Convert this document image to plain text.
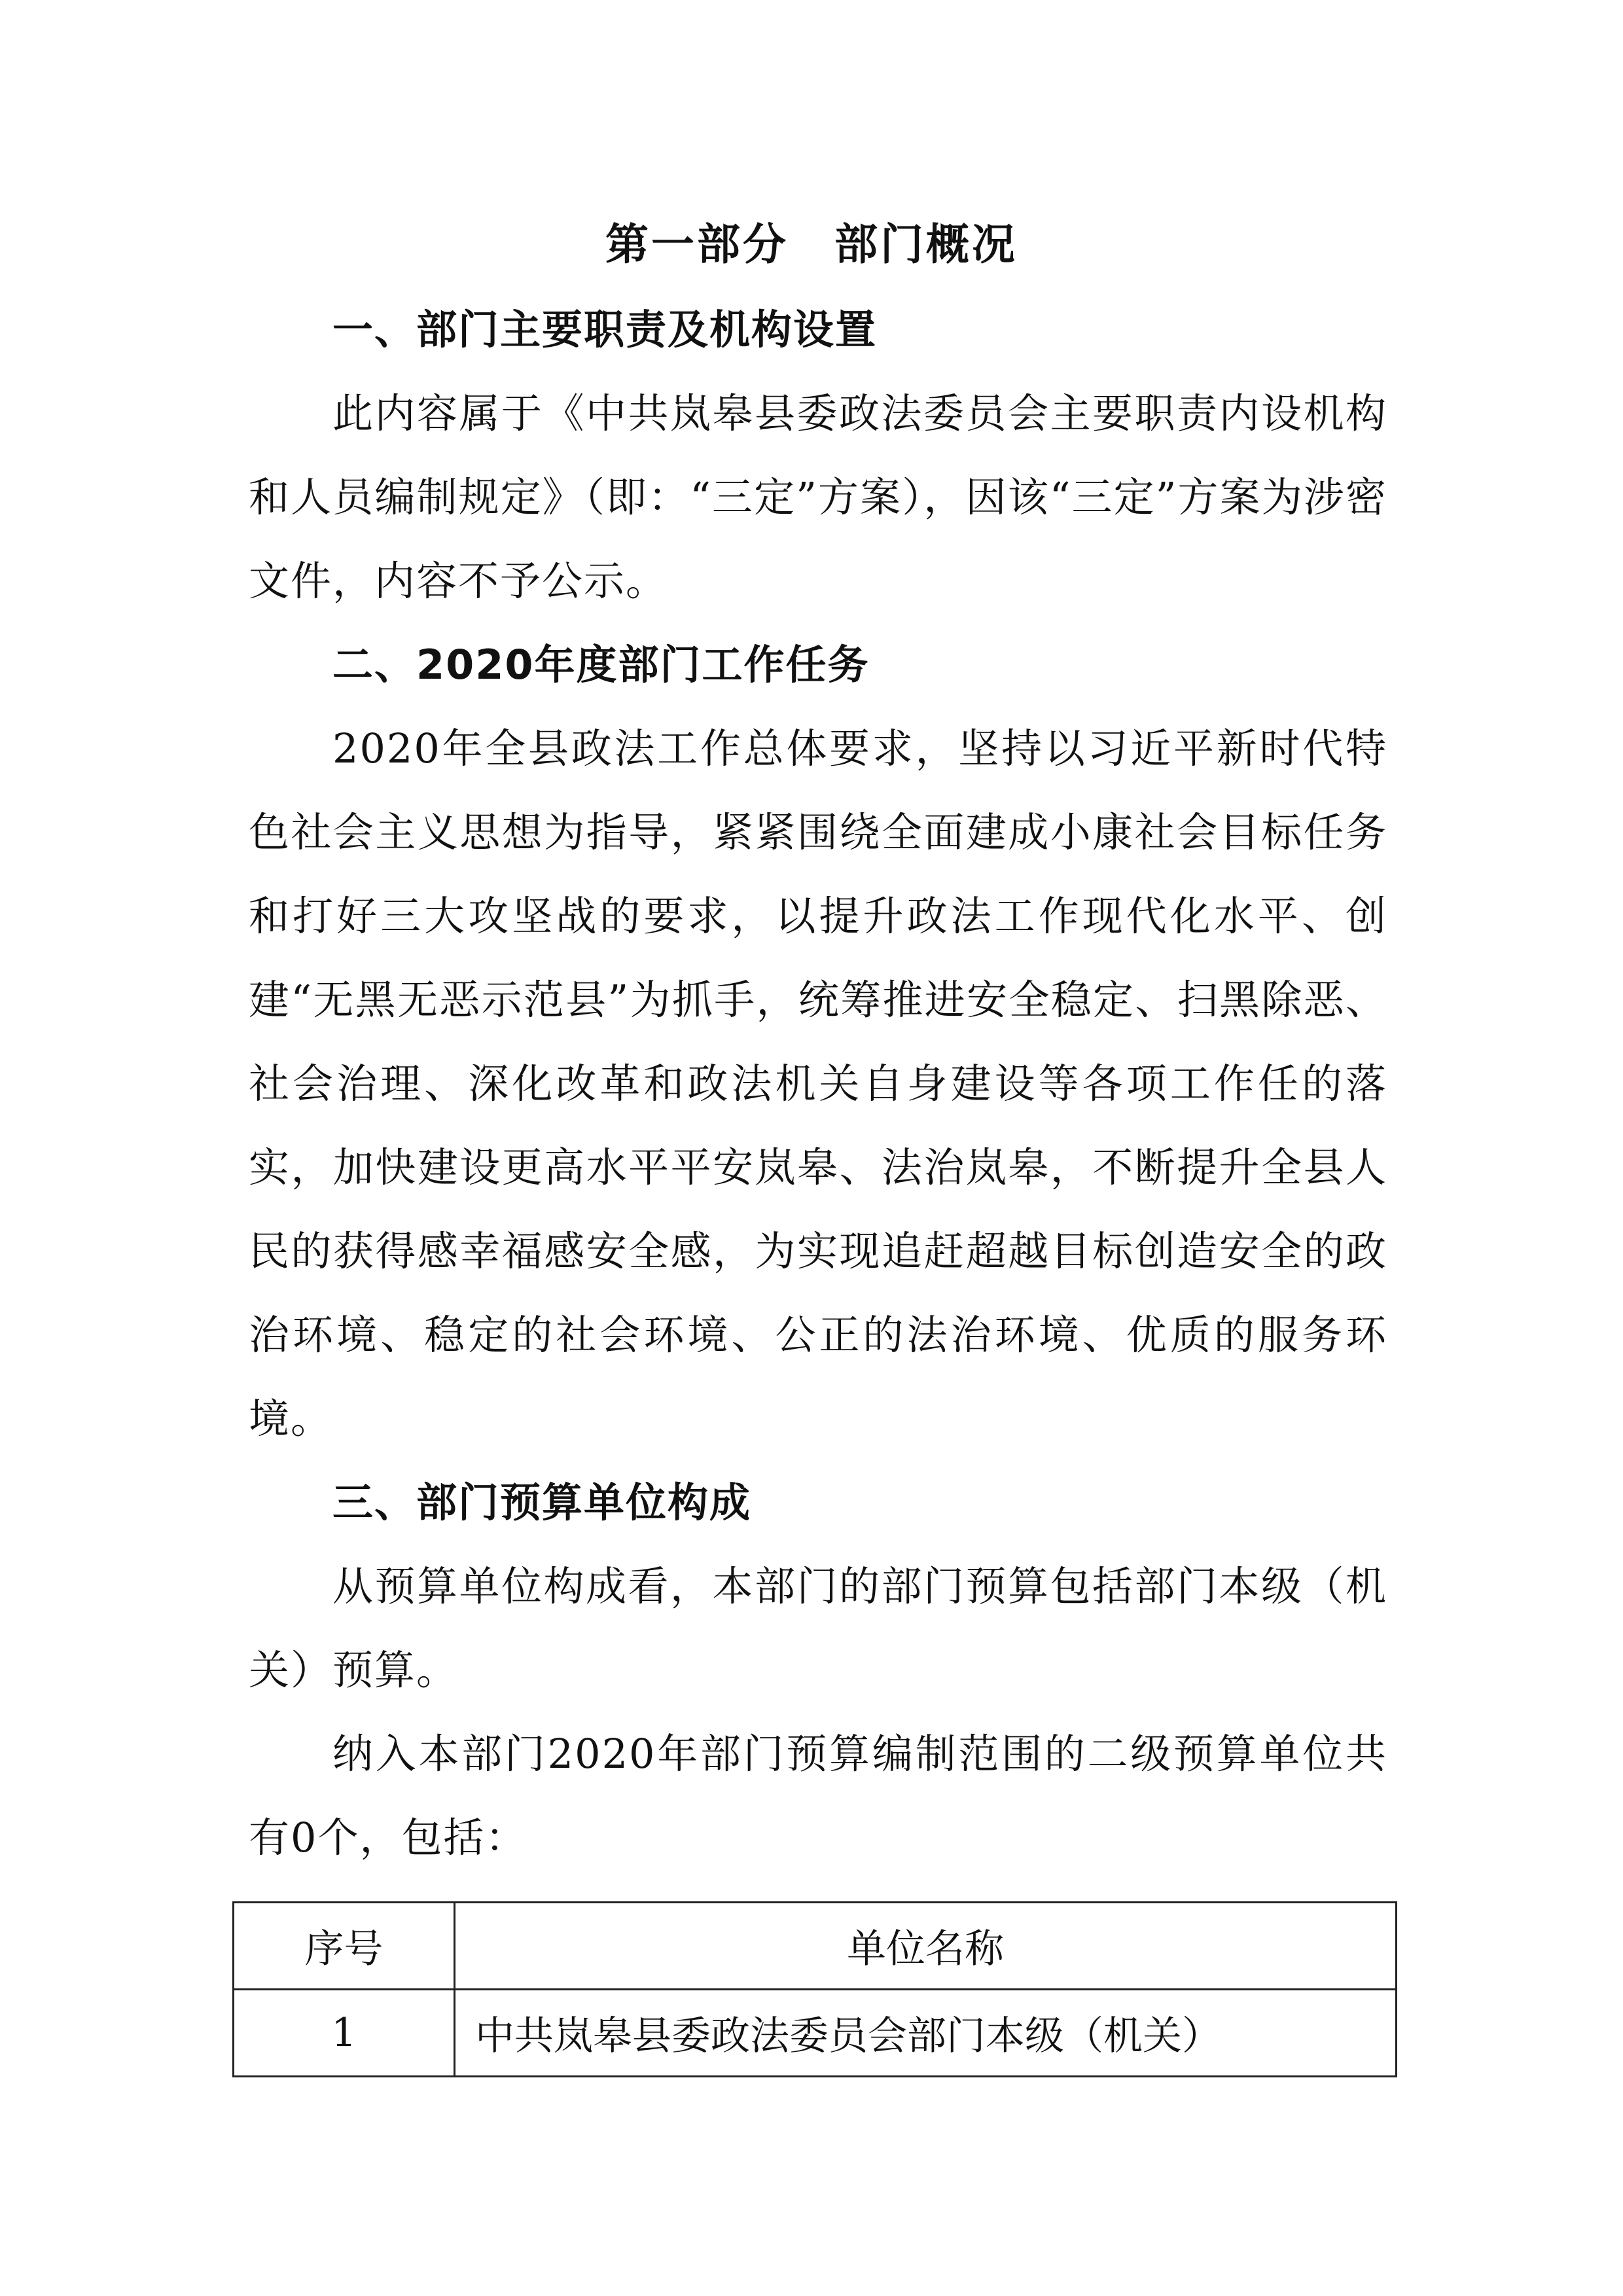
第一部分 部门概况

一、部门主要职责及机构设置

此内容属于《中共岚皋县委政法委员会主要职责内设机构和人员编制规定》（即：“三定”方案），因该“三定”方案为涉密文件，内容不予公示。

二、2020年度部门工作任务

2020年全县政法工作总体要求，坚持以习近平新时代特色社会主义思想为指导，紧紧围绕全面建成小康社会目标任务和打好三大攻坚战的要求，以提升政法工作现代化水平、创建“无黑无恶示范县”为抓手，统筹推进安全稳定、扫黑除恶、社会治理、深化改革和政法机关自身建设等各项工作任的落实，加快建设更高水平平安岚皋、法治岚皋，不断提升全县人民的获得感幸福感安全感，为实现追赶超越目标创造安全的政治环境、稳定的社会环境、公正的法治环境、优质的服务环境。

三、部门预算单位构成

从预算单位构成看，本部门的部门预算包括部门本级（机关）预算。

纳入本部门2020年部门预算编制范围的二级预算单位共有0个，包括：

序号	单位名称
1	中共岚皋县委政法委员会部门本级（机关）
